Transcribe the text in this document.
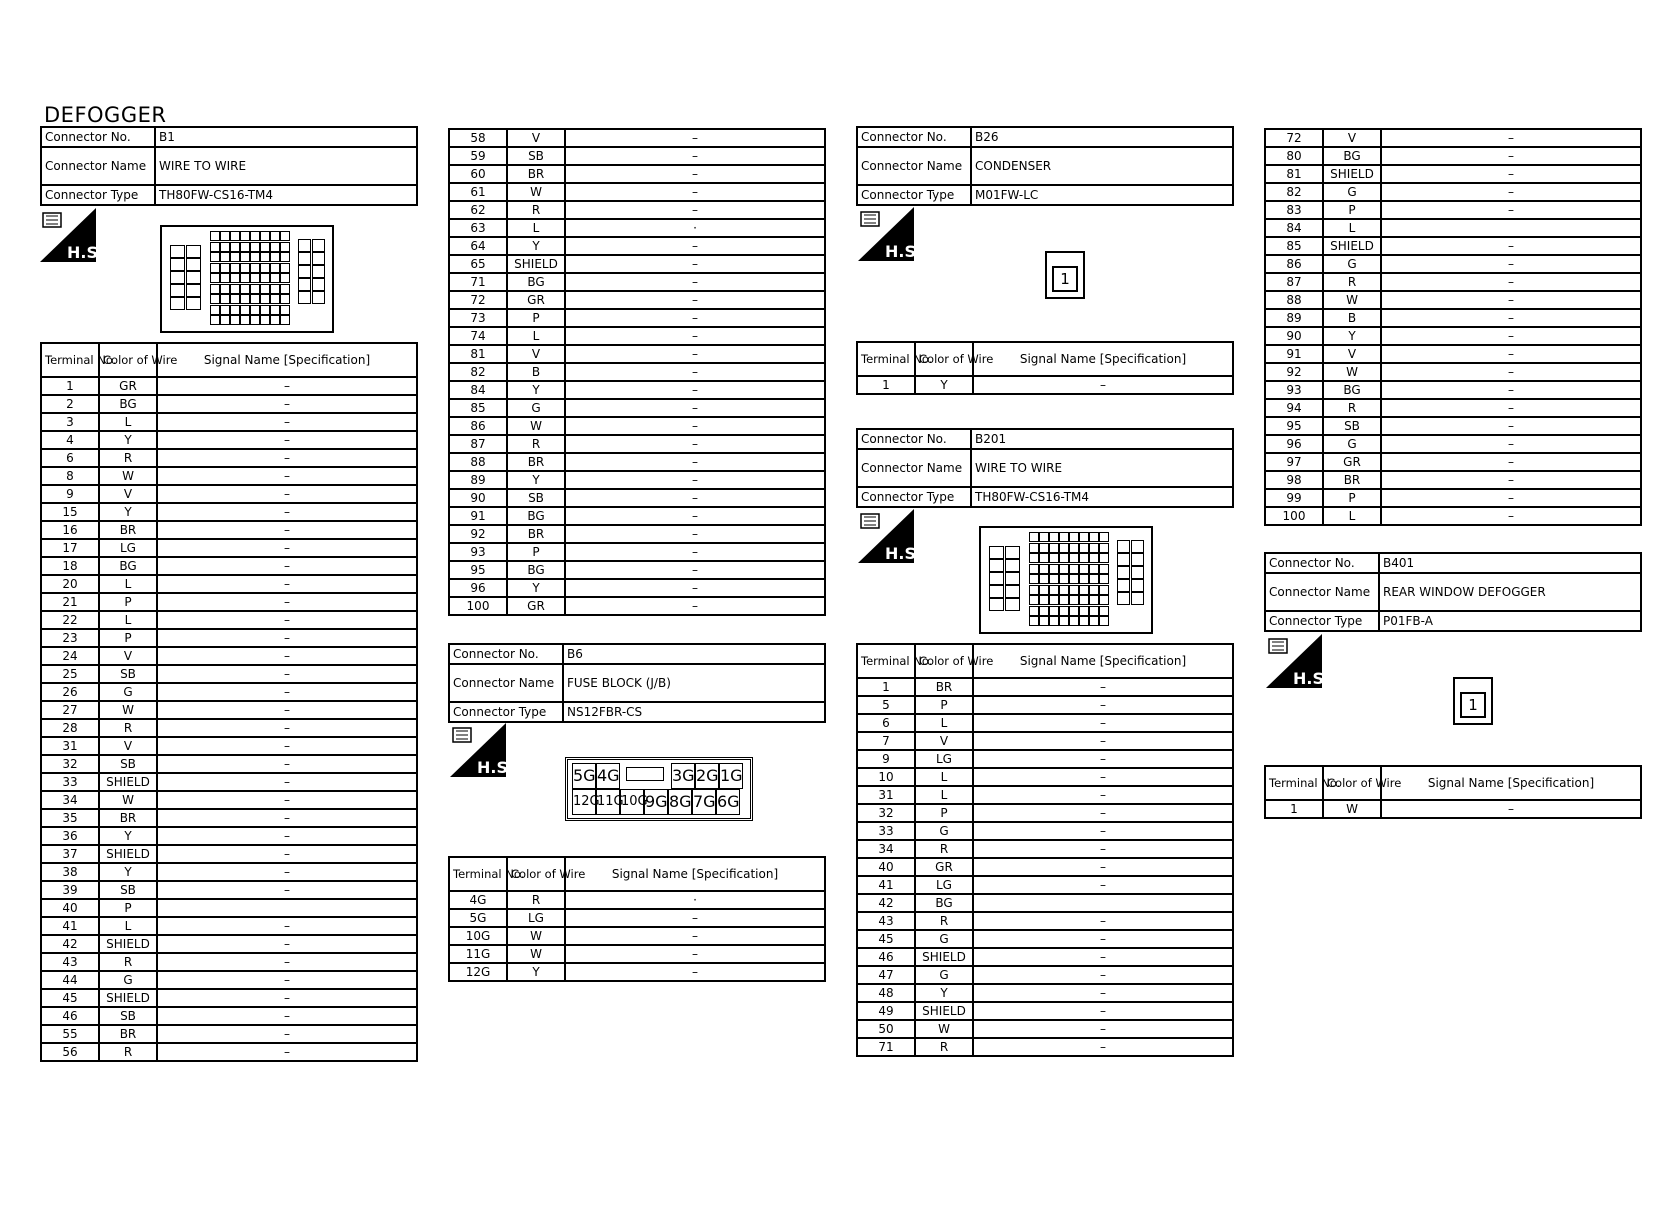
DEFOGGER
Connector No.	B1
Connector Name	WIRE TO WIRE
Connector Type	TH80FW-CS16-TM4
H.S.
Terminal No.	Color of Wire	Signal Name [Specification]
1	GR	–
2	BG	–
3	L	–
4	Y	–
6	R	–
8	W	–
9	V	–
15	Y	–
16	BR	–
17	LG	–
18	BG	–
20	L	–
21	P	–
22	L	–
23	P	–
24	V	–
25	SB	–
26	G	–
27	W	–
28	R	–
31	V	–
32	SB	–
33	SHIELD	–
34	W	–
35	BR	–
36	Y	–
37	SHIELD	–
38	Y	–
39	SB	–
40	P	
41	L	–
42	SHIELD	–
43	R	–
44	G	–
45	SHIELD	–
46	SB	–
55	BR	–
56	R	–
58	V	–
59	SB	–
60	BR	–
61	W	–
62	R	–
63	L	·
64	Y	–
65	SHIELD	–
71	BG	–
72	GR	–
73	P	–
74	L	–
81	V	–
82	B	–
84	Y	–
85	G	–
86	W	–
87	R	–
88	BR	–
89	Y	–
90	SB	–
91	BG	–
92	BR	–
93	P	–
95	BG	–
96	Y	–
100	GR	–
Connector No.	B6
Connector Name	FUSE BLOCK (J/B)
Connector Type	NS12FBR-CS
H.S.	5G 4G	3G 2G 1G
12G
11G
10G
9G 8G 7G 6G
Terminal No.	Color of Wire	Signal Name [Specification]
4G	R	·
5G	LG	–
10G	W	–
11G	W	–
12G	Y	–
Connector No.	B26
Connector Name	CONDENSER
Connector Type	M01FW-LC
H.S.
1
Terminal No.	Color of Wire	Signal Name [Specification]
1	Y	–
Connector No.	B201
Connector Name	WIRE TO WIRE
Connector Type	TH80FW-CS16-TM4
H.S.
Terminal No.	Color of Wire	Signal Name [Specification]
1	BR	–
5	P	–
6	L	–
7	V	–
9	LG	–
10	L	–
31	L	–
32	P	–
33	G	–
34	R	–
40	GR	–
41	LG	–
42	BG	
43	R	–
45	G	–
46	SHIELD	–
47	G	–
48	Y	–
49	SHIELD	–
50	W	–
71	R	–
72	V	–
80	BG	–
81	SHIELD	–
82	G	–
83	P	–
84	L	
85	SHIELD	–
86	G	–
87	R	–
88	W	–
89	B	–
90	Y	–
91	V	–
92	W	–
93	BG	–
94	R	–
95	SB	–
96	G	–
97	GR	–
98	BR	–
99	P	–
100	L	–
Connector No.	B401
Connector Name	REAR WINDOW DEFOGGER
Connector Type	P01FB-A
H.S.
1
Terminal No.	Color of Wire	Signal Name [Specification]
1	W	–
